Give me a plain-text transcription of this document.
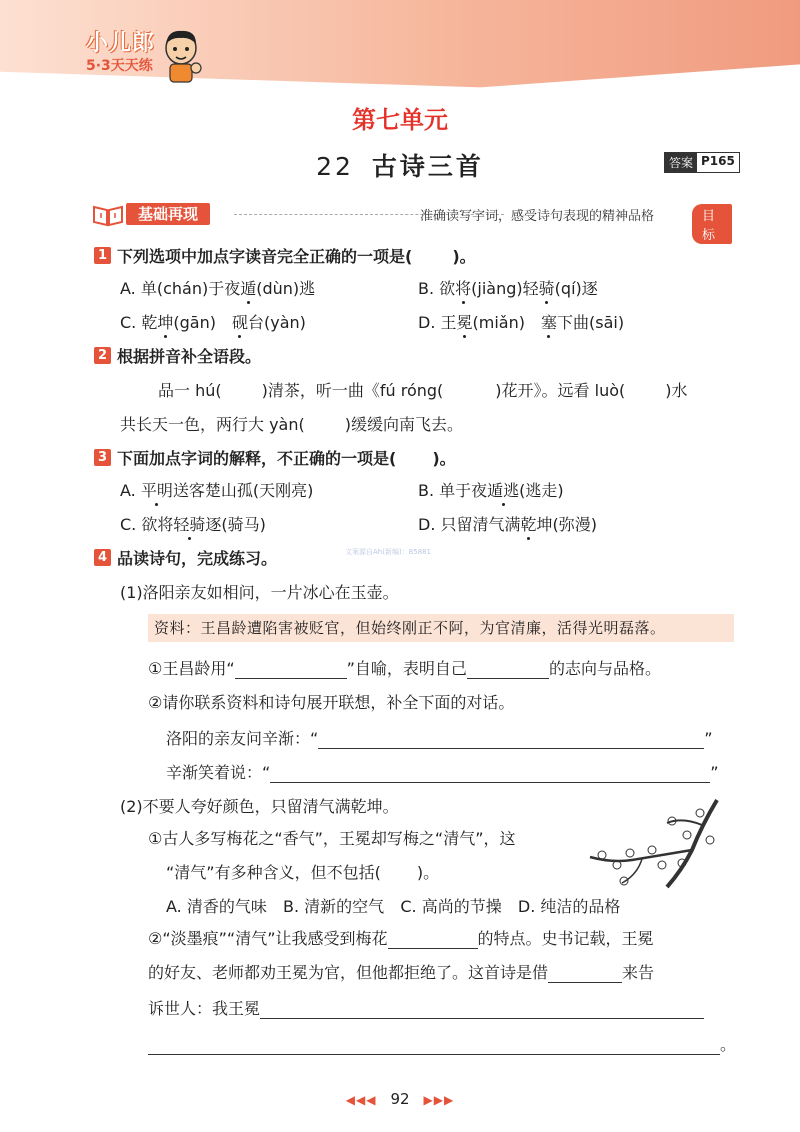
小儿郎
5·3天天练
第七单元
22 古诗三首	答案 P165
基础再现	准确读写字词，感受诗句表现的精神品格	目标
1 下列选项中加点字读音完全正确的一项是(	)。
A. 单(chán)于夜遁(dùn)逃	B. 欲将(jiàng)轻骑(qí)逐
C. 乾坤(gān)　砚台(yàn)	D. 王冕(miǎn)　塞下曲(sāi)
2 根据拼音补全语段。
品一 hú(	)清茶，听一曲《fú róng(	)花开》。远看 luò(	)水
共长天一色，两行大 yàn(	)缓缓向南飞去。
3 下面加点字词的解释，不正确的一项是( )。
A. 平明送客楚山孤(天刚亮)	B. 单于夜遁逃(逃走)
C. 欲将轻骑逐(骑马)	D. 只留清气满乾坤(弥漫)
4 品读诗句，完成练习。	文案源自Ah(新编)：85881
(1)洛阳亲友如相问，一片冰心在玉壶。
资料：王昌龄遭陷害被贬官，但始终刚正不阿，为官清廉，活得光明磊落。
①王昌龄用“	”自喻，表明自己	的志向与品格。
②请你联系资料和诗句展开联想，补全下面的对话。
洛阳的亲友问辛渐：“	”
辛渐笑着说：“	”
(2)不要人夸好颜色，只留清气满乾坤。
①古人多写梅花之“香气”，王冕却写梅之“清气”，这
“清气”有多种含义，但不包括( )。
A. 清香的气味 B. 清新的空气 C. 高尚的节操 D. 纯洁的品格
②“淡墨痕”“清气”让我感受到梅花	的特点。史书记载，王冕
的好友、老师都劝王冕为官，但他都拒绝了。这首诗是借	来告
诉世人：我王冕
。
◀◀◀ 92 ▶▶▶
